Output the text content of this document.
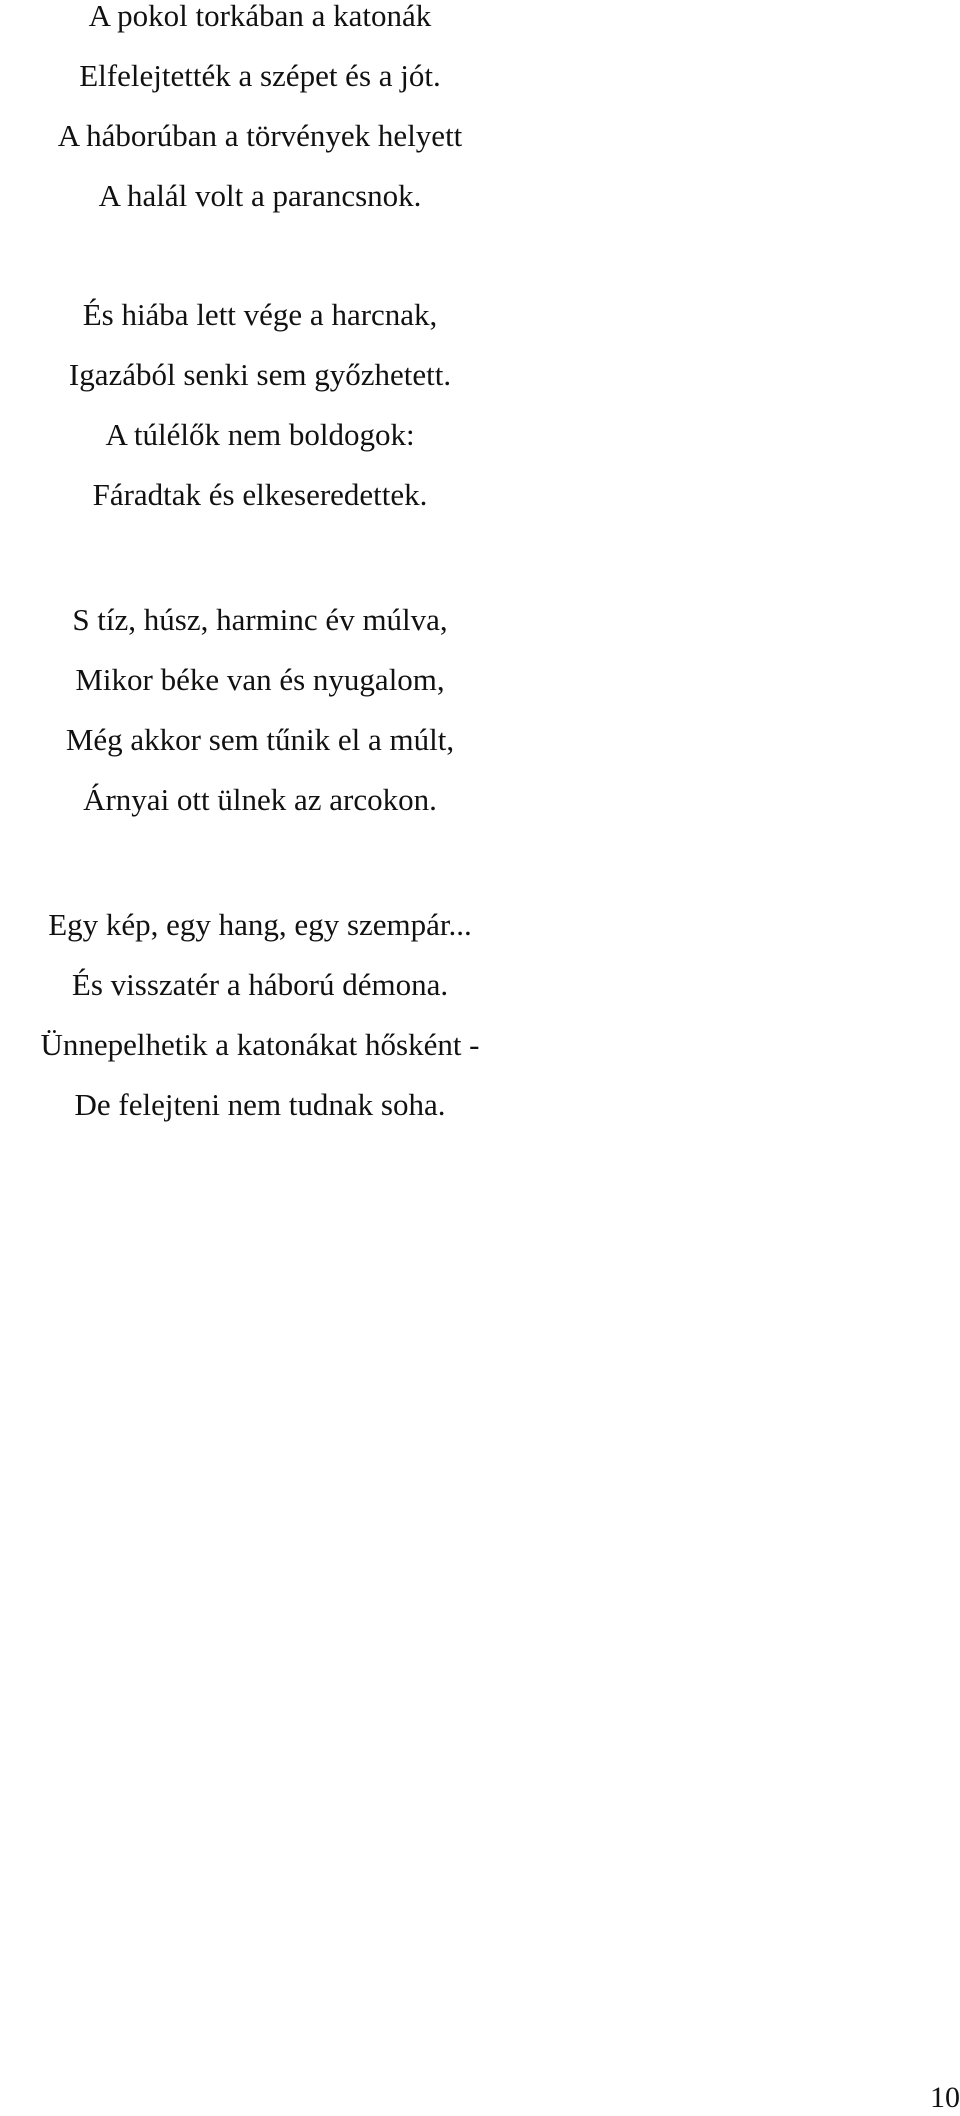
A pokol torkában a katonák
Elfelejtették a szépet és a jót.
A háborúban a törvények helyett
A halál volt a parancsnok.
És hiába lett vége a harcnak,
Igazából senki sem győzhetett.
A túlélők nem boldogok:
Fáradtak és elkeseredettek.
S tíz, húsz, harminc év múlva,
Mikor béke van és nyugalom,
Még akkor sem tűnik el a múlt,
Árnyai ott ülnek az arcokon.
Egy kép, egy hang, egy szempár...
És visszatér a háború démona.
Ünnepelhetik a katonákat hősként -
De felejteni nem tudnak soha.
10
